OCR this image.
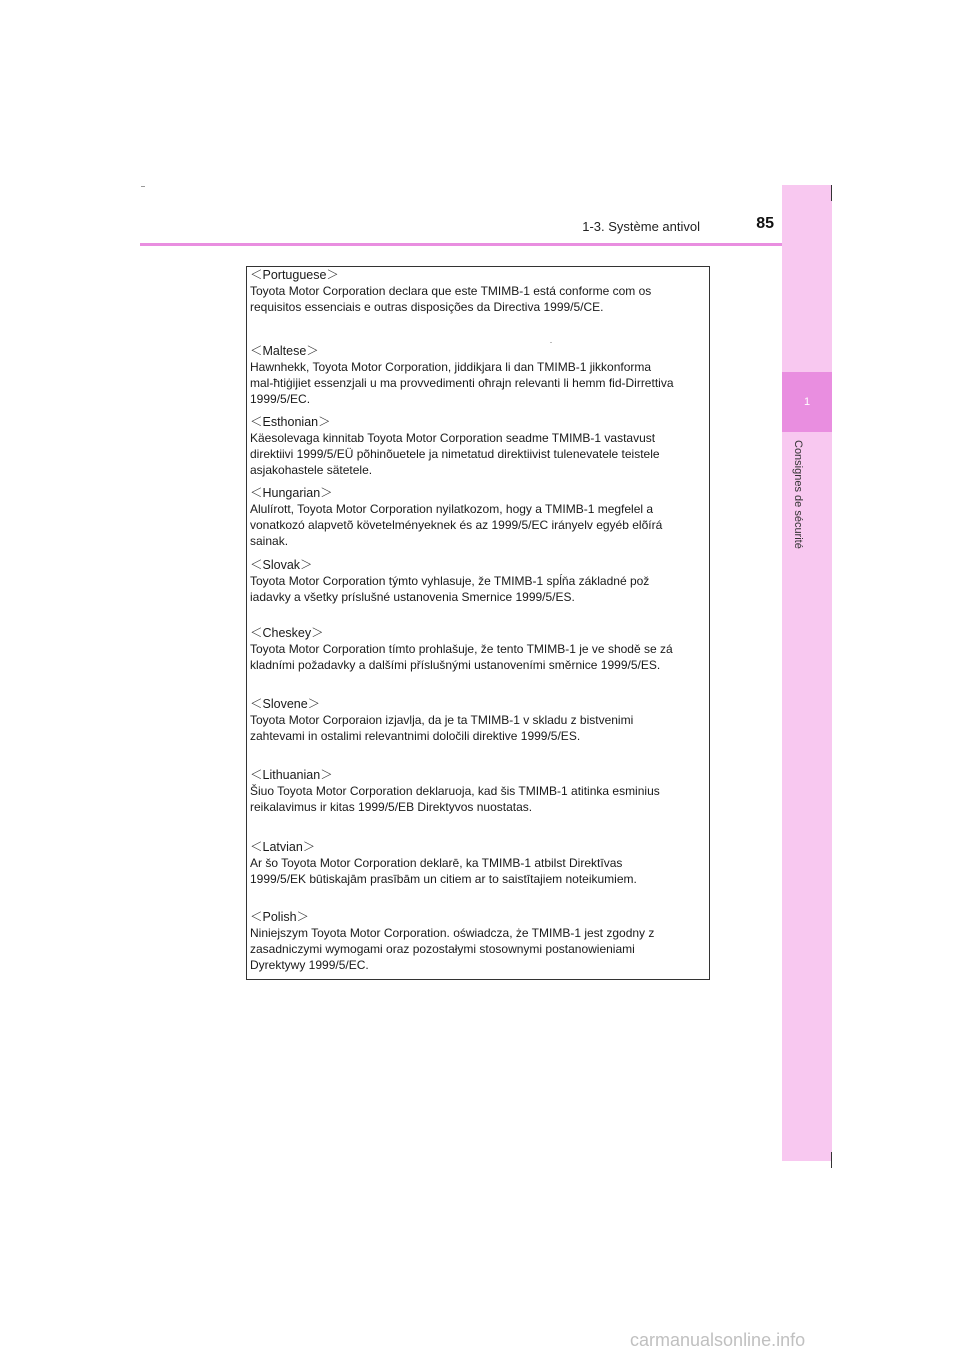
1-3. Système antivol	85
1
Consignes de sécurité
＜Portuguese＞
Toyota Motor Corporation declara que este TMIMB-1 está conforme com os
requisitos essenciais e outras disposições da Directiva 1999/5/CE.
＜Maltese＞
Hawnhekk, Toyota Motor Corporation, jiddikjara li dan TMIMB-1 jikkonforma
mal-ħtiġijiet essenzjali u ma provvedimenti oħrajn relevanti li hemm fid-Dirrettiva
1999/5/EC.
＜Esthonian＞
Käesolevaga kinnitab Toyota Motor Corporation seadme TMIMB-1 vastavust
direktiivi 1999/5/EÜ põhinõuetele ja nimetatud direktiivist tulenevatele teistele
asjakohastele sätetele.
＜Hungarian＞
Alulírott, Toyota Motor Corporation nyilatkozom, hogy a TMIMB-1 megfelel a
vonatkozó alapvetõ követelményeknek és az 1999/5/EC irányelv egyéb elõírá
sainak.
＜Slovak＞
Toyota Motor Corporation týmto vyhlasuje, že TMIMB-1 spĺňa základné pož
iadavky a všetky príslušné ustanovenia Smernice 1999/5/ES.
＜Cheskey＞
Toyota Motor Corporation tímto prohlašuje, že tento TMIMB-1 je ve shodě se zá
kladními požadavky a dalšími příslušnými ustanoveními směrnice 1999/5/ES.
＜Slovene＞
Toyota Motor Corporaion izjavlja, da je ta TMIMB-1 v skladu z bistvenimi
zahtevami in ostalimi relevantnimi določili direktive 1999/5/ES.
＜Lithuanian＞
Šiuo Toyota Motor Corporation deklaruoja, kad šis TMIMB-1 atitinka esminius
reikalavimus ir kitas 1999/5/EB Direktyvos nuostatas.
＜Latvian＞
Ar šo Toyota Motor Corporation deklarē, ka TMIMB-1 atbilst Direktīvas
1999/5/EK būtiskajām prasībām un citiem ar to saistītajiem noteikumiem.
＜Polish＞
Niniejszym Toyota Motor Corporation. oświadcza, że TMIMB-1 jest zgodny z
zasadniczymi wymogami oraz pozostałymi stosownymi postanowieniami
Dyrektywy 1999/5/EC.
carmanualsonline.info
